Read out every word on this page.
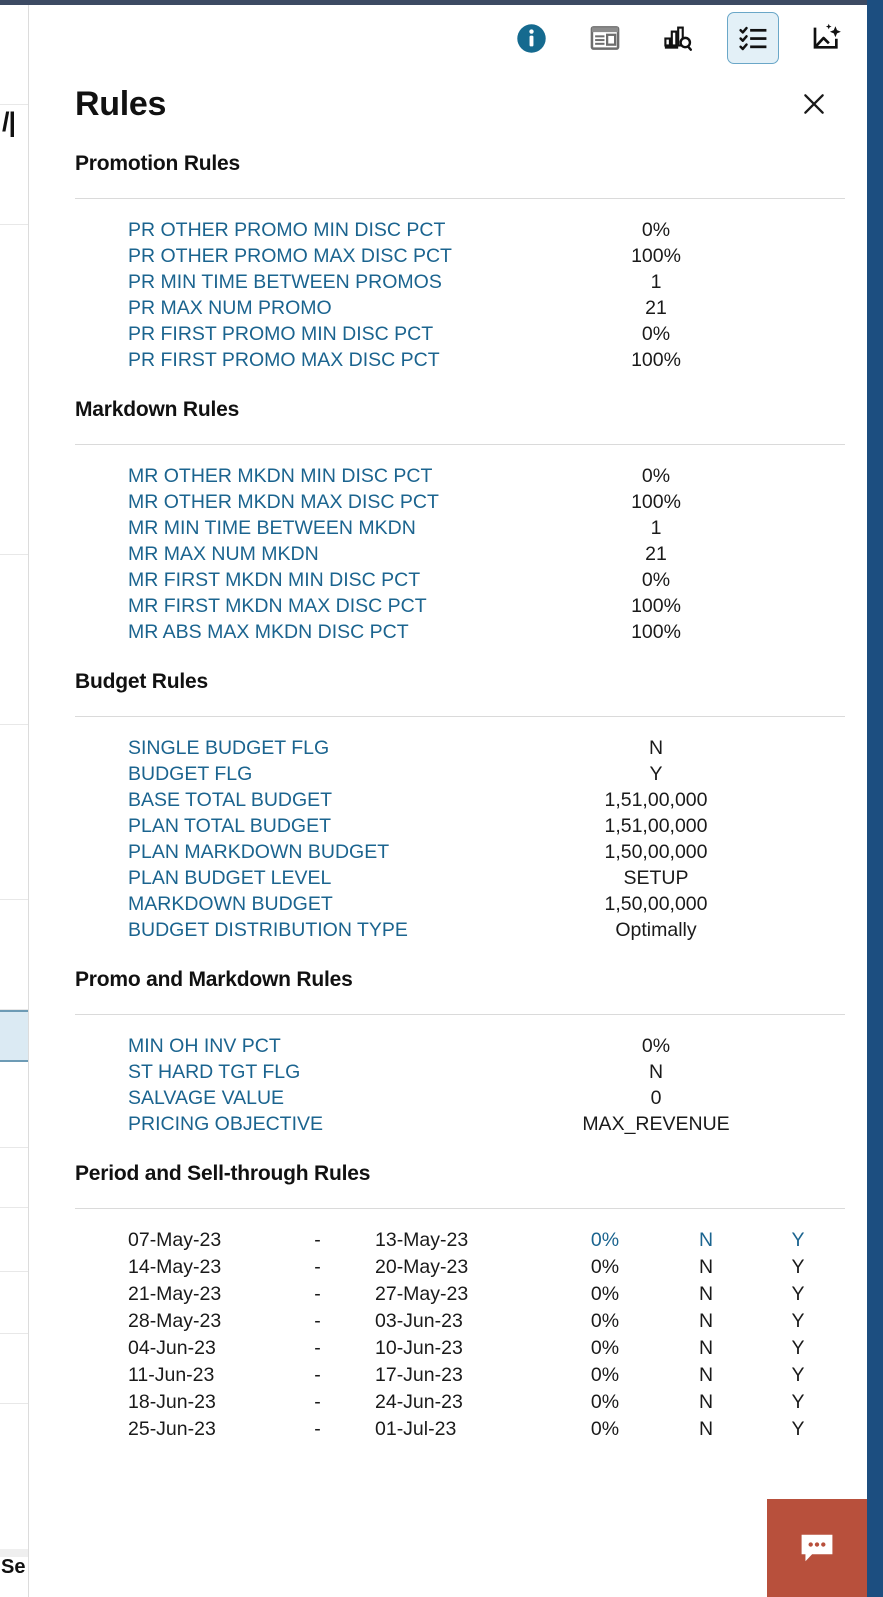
/|
Se
Rules
Promotion Rules
PR OTHER PROMO MIN DISC PCT	0%
PR OTHER PROMO MAX DISC PCT	100%
PR MIN TIME BETWEEN PROMOS	1
PR MAX NUM PROMO	21
PR FIRST PROMO MIN DISC PCT	0%
PR FIRST PROMO MAX DISC PCT	100%
Markdown Rules
MR OTHER MKDN MIN DISC PCT	0%
MR OTHER MKDN MAX DISC PCT	100%
MR MIN TIME BETWEEN MKDN	1
MR MAX NUM MKDN	21
MR FIRST MKDN MIN DISC PCT	0%
MR FIRST MKDN MAX DISC PCT	100%
MR ABS MAX MKDN DISC PCT	100%
Budget Rules
SINGLE BUDGET FLG	N
BUDGET FLG	Y
BASE TOTAL BUDGET	1,51,00,000
PLAN TOTAL BUDGET	1,51,00,000
PLAN MARKDOWN BUDGET	1,50,00,000
PLAN BUDGET LEVEL	SETUP
MARKDOWN BUDGET	1,50,00,000
BUDGET DISTRIBUTION TYPE	Optimally
Promo and Markdown Rules
MIN OH INV PCT	0%
ST HARD TGT FLG	N
SALVAGE VALUE	0
PRICING OBJECTIVE	MAX_REVENUE
Period and Sell-through Rules
07-May-23	-	13-May-23	0%	N	Y
14-May-23	-	20-May-23	0%	N	Y
21-May-23	-	27-May-23	0%	N	Y
28-May-23	-	03-Jun-23	0%	N	Y
04-Jun-23	-	10-Jun-23	0%	N	Y
11-Jun-23	-	17-Jun-23	0%	N	Y
18-Jun-23	-	24-Jun-23	0%	N	Y
25-Jun-23	-	01-Jul-23	0%	N	Y
